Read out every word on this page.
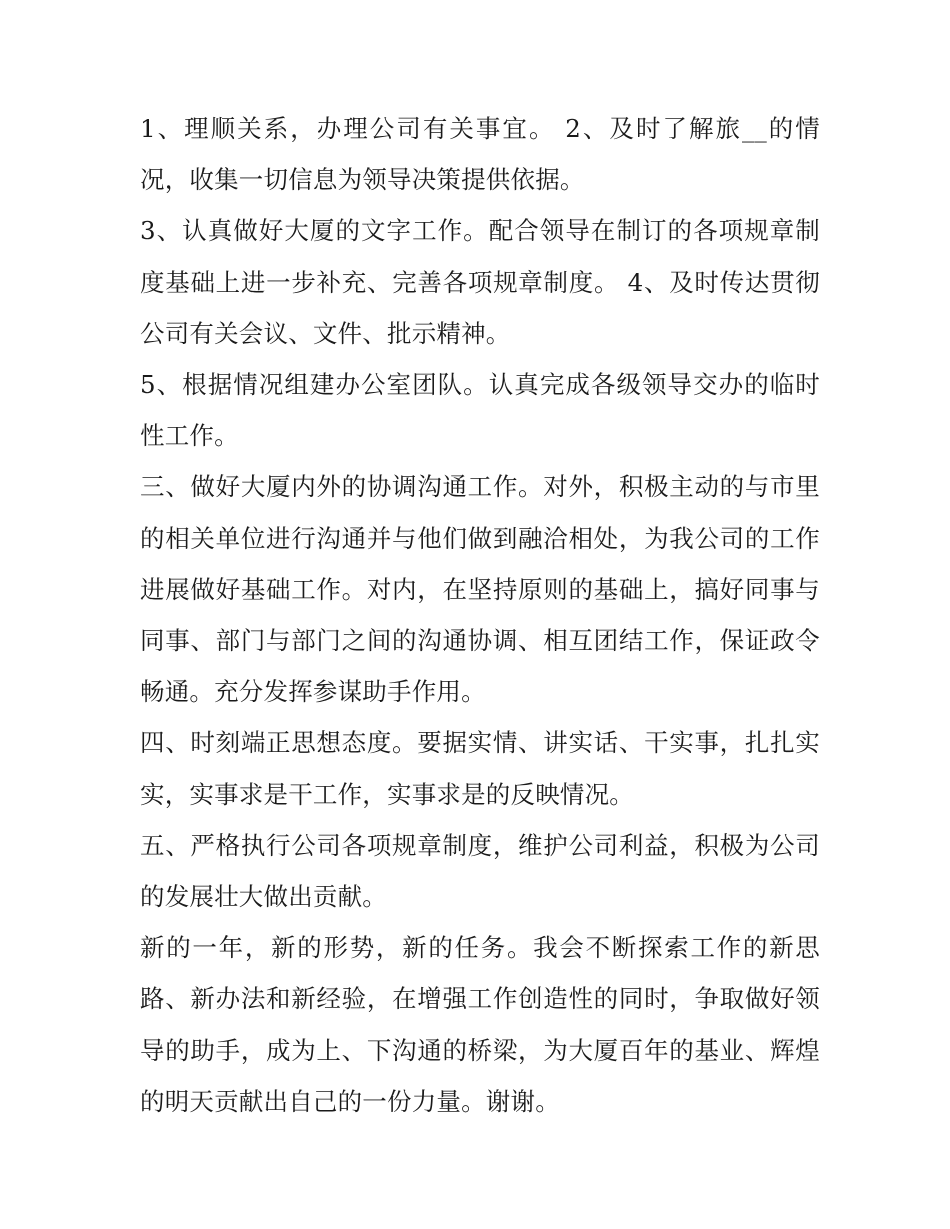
1、理顺关系，办理公司有关事宜。 2、及时了解旅__的情况，收集一切信息为领导决策提供依据。

3、认真做好大厦的文字工作。配合领导在制订的各项规章制度基础上进一步补充、完善各项规章制度。 4、及时传达贯彻公司有关会议、文件、批示精神。

5、根据情况组建办公室团队。认真完成各级领导交办的临时性工作。

三、做好大厦内外的协调沟通工作。对外，积极主动的与市里的相关单位进行沟通并与他们做到融洽相处，为我公司的工作进展做好基础工作。对内，在坚持原则的基础上，搞好同事与同事、部门与部门之间的沟通协调、相互团结工作，保证政令畅通。充分发挥参谋助手作用。

四、时刻端正思想态度。要据实情、讲实话、干实事，扎扎实实，实事求是干工作，实事求是的反映情况。

五、严格执行公司各项规章制度，维护公司利益，积极为公司的发展壮大做出贡献。

新的一年，新的形势，新的任务。我会不断探索工作的新思路、新办法和新经验，在增强工作创造性的同时，争取做好领导的助手，成为上、下沟通的桥梁，为大厦百年的基业、辉煌的明天贡献出自己的一份力量。谢谢。
